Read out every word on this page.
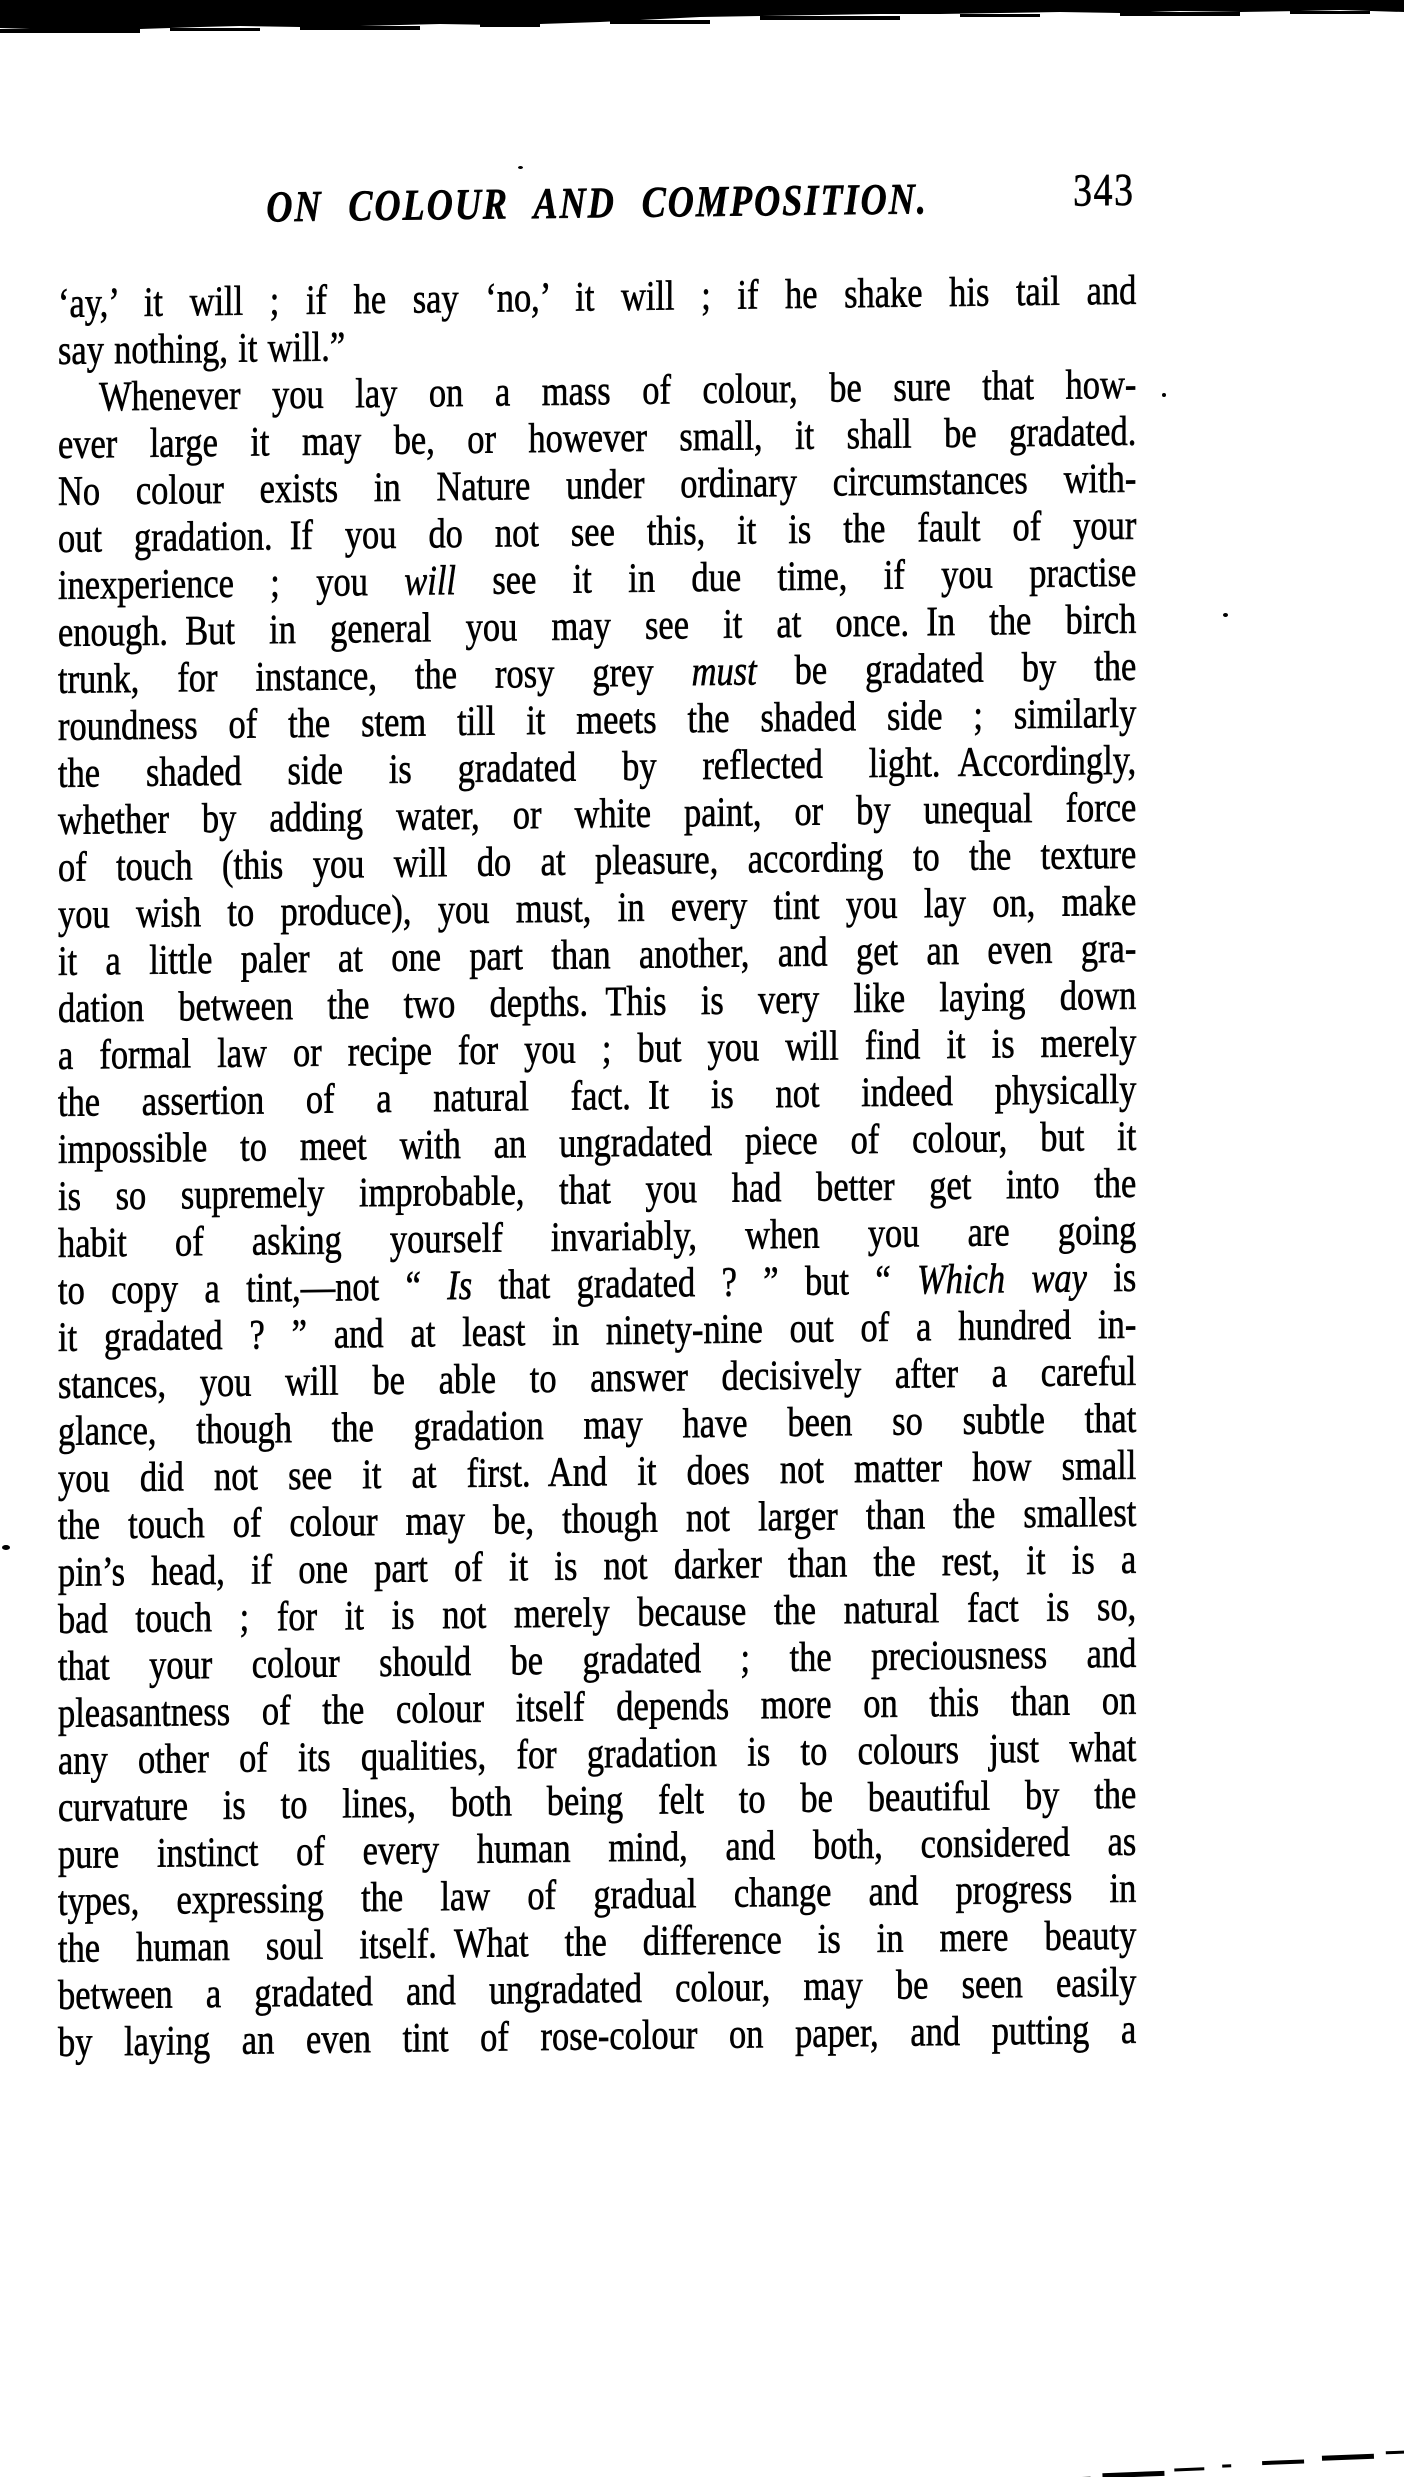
ON COLOUR AND COMPOSITION.	343
‘ay,’ it will ; if he say ‘no,’ it will ; if he shake his tail and
say nothing, it will.”
Whenever you lay on a mass of colour, be sure that how-
ever large it may be, or however small, it shall be gradated.
No colour exists in Nature under ordinary circumstances with-
out gradation. If you do not see this, it is the fault of your
inexperience ; you will see it in due time, if you practise
enough. But in general you may see it at once. In the birch
trunk, for instance, the rosy grey must be gradated by the
roundness of the stem till it meets the shaded side ; similarly
the shaded side is gradated by reflected light. Accordingly,
whether by adding water, or white paint, or by unequal force
of touch (this you will do at pleasure, according to the texture
you wish to produce), you must, in every tint you lay on, make
it a little paler at one part than another, and get an even gra-
dation between the two depths. This is very like laying down
a formal law or recipe for you ; but you will find it is merely
the assertion of a natural fact. It is not indeed physically
impossible to meet with an ungradated piece of colour, but it
is so supremely improbable, that you had better get into the
habit of asking yourself invariably, when you are going
to copy a tint,—not “ Is that gradated ? ” but “ Which way is
it gradated ? ” and at least in ninety-nine out of a hundred in-
stances, you will be able to answer decisively after a careful
glance, though the gradation may have been so subtle that
you did not see it at first. And it does not matter how small
the touch of colour may be, though not larger than the smallest
pin’s head, if one part of it is not darker than the rest, it is a
bad touch ; for it is not merely because the natural fact is so,
that your colour should be gradated ; the preciousness and
pleasantness of the colour itself depends more on this than on
any other of its qualities, for gradation is to colours just what
curvature is to lines, both being felt to be beautiful by the
pure instinct of every human mind, and both, considered as
types, expressing the law of gradual change and progress in
the human soul itself. What the difference is in mere beauty
between a gradated and ungradated colour, may be seen easily
by laying an even tint of rose-colour on paper, and putting a
